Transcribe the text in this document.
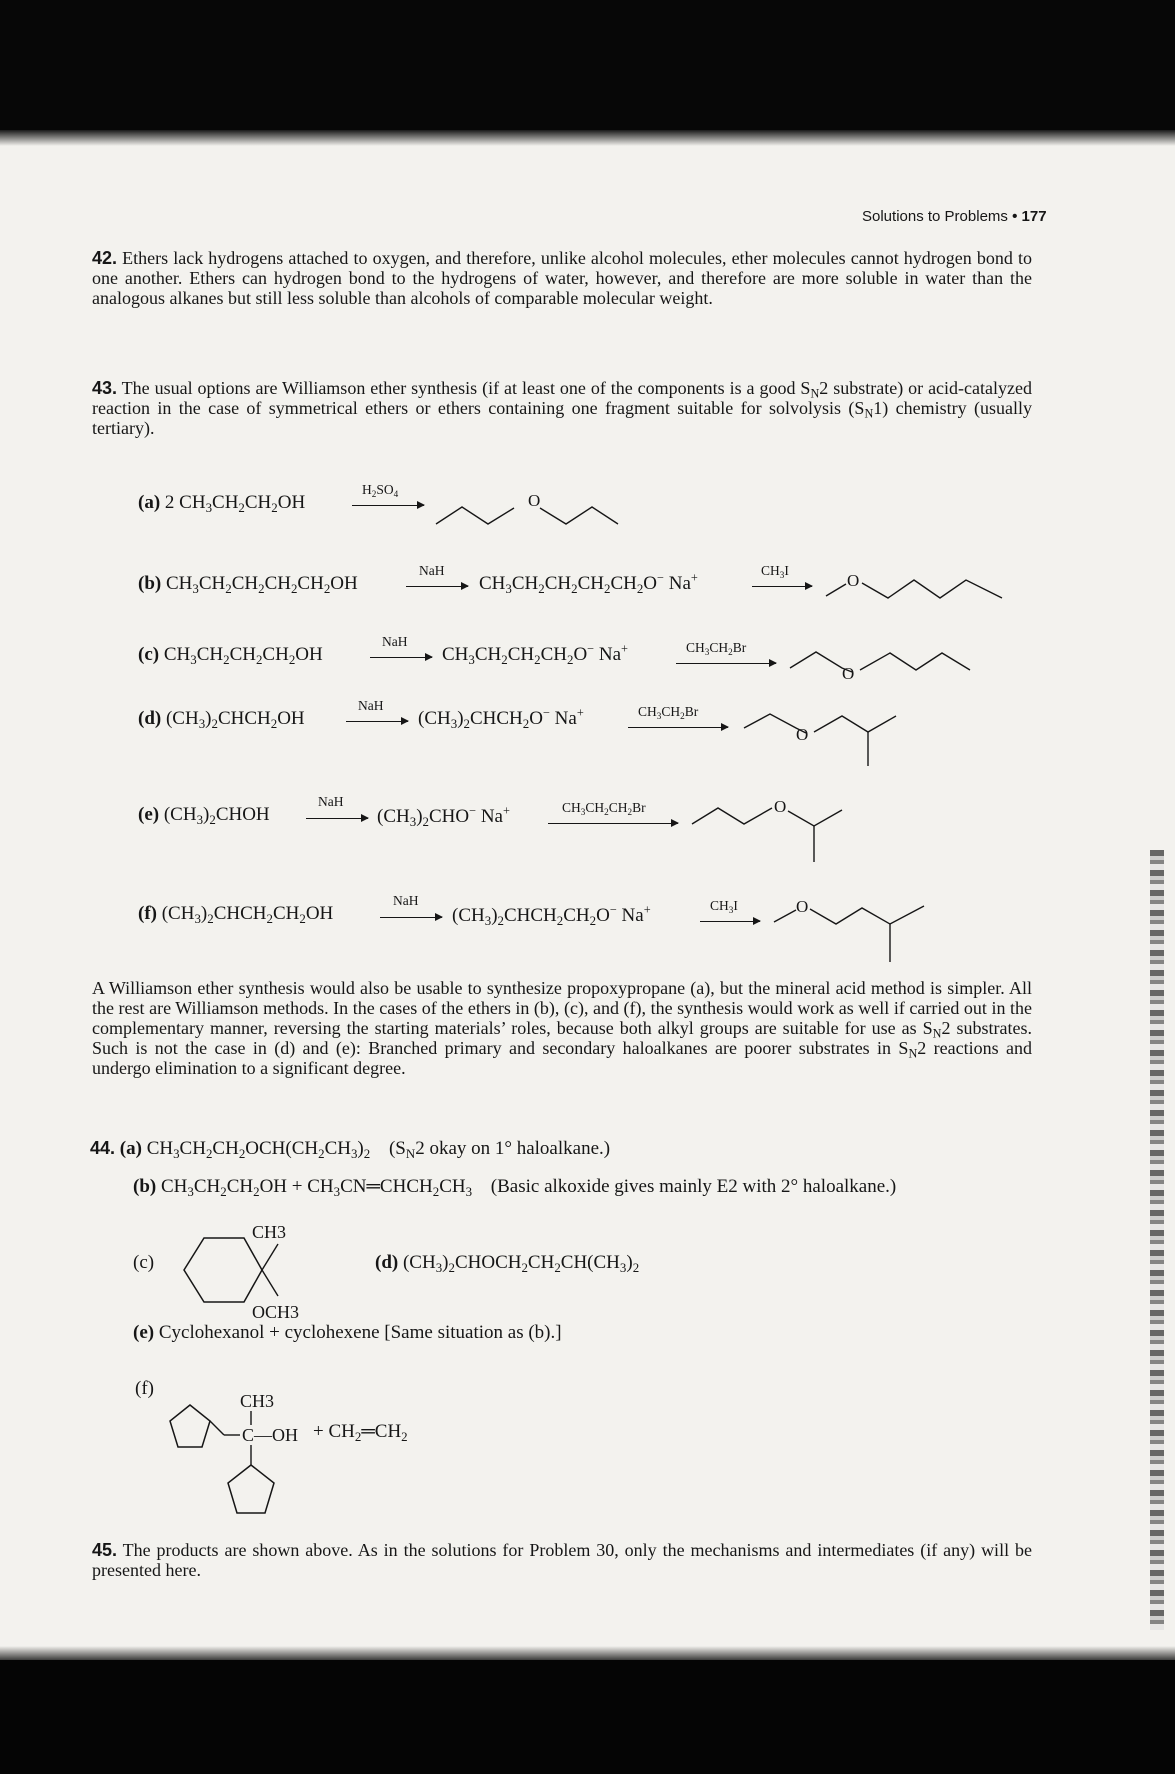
Solutions to Problems • 177
42. Ethers lack hydrogens attached to oxygen, and therefore, unlike alcohol molecules, ether molecules cannot hydrogen bond to one another. Ethers can hydrogen bond to the hydrogens of water, however, and therefore are more soluble in water than the analogous alkanes but still less soluble than alcohols of comparable molecular weight.
43. The usual options are Williamson ether synthesis (if at least one of the components is a good $S_N2$ substrate) or acid-catalyzed reaction in the case of symmetrical ethers or ethers containing one fragment suitable for solvolysis $(S_N1)$ chemistry (usually tertiary).
(a) 2 $CH_3CH_2CH_2OH$
$H_2SO_4$	O
(b) $CH_3CH_2CH_2CH_2CH_2OH$
NaH
$CH_3CH_2CH_2CH_2CH_2O^-$ Na+	$CH_3I$
O
(c) $CH_3CH_2CH_2CH_2OH$
NaH
$CH_3CH_2CH_2CH_2O^-$ Na+	$CH_3CH_2Br$
O
(d) $(CH_3)_2CHCH_2OH$
NaH
$(CH_3)_2CHCH_2O^-$ Na+	$CH_3CH_2Br$
O
(e) $(CH_3)_2CHOH$
NaH
$(CH_3)_2CHO^-$ Na+	$CH_3CH_2CH_2Br$	O
(f) $(CH_3)_2CHCH_2CH_2OH$
NaH
$(CH_3)_2CHCH_2CH_2O^-$ Na+	$CH_3I$	O
A Williamson ether synthesis would also be usable to synthesize propoxypropane (a), but the mineral acid method is simpler. All the rest are Williamson methods. In the cases of the ethers in (b), (c), and (f), the synthesis would work as well if carried out in the complementary manner, reversing the starting materials’ roles, because both alkyl groups are suitable for use as $S_N2$ substrates. Such is not the case in (d) and (e): Branched primary and secondary haloalkanes are poorer substrates in $S_N2$ reactions and undergo elimination to a significant degree.
44. (a) $CH_3CH_2CH_2OCH(CH_2CH_3)_2$ ($S_N2$ okay on 1° haloalkane.)
(b) $CH_3CH_2CH_2OH$ + $CH_3CN═CHCH_2CH_3$ (Basic alkoxide gives mainly E2 with 2° haloalkane.)
(c)
CH3
OCH3
(d) $(CH_3)_2CHOCH_2CH_2CH(CH_3)_2$
(e) Cyclohexanol + cyclohexene [Same situation as (b).]
(f)
CH3
C—OH + $CH_2═CH_2$
45. The products are shown above. As in the solutions for Problem 30, only the mechanisms and intermediates (if any) will be presented here.
